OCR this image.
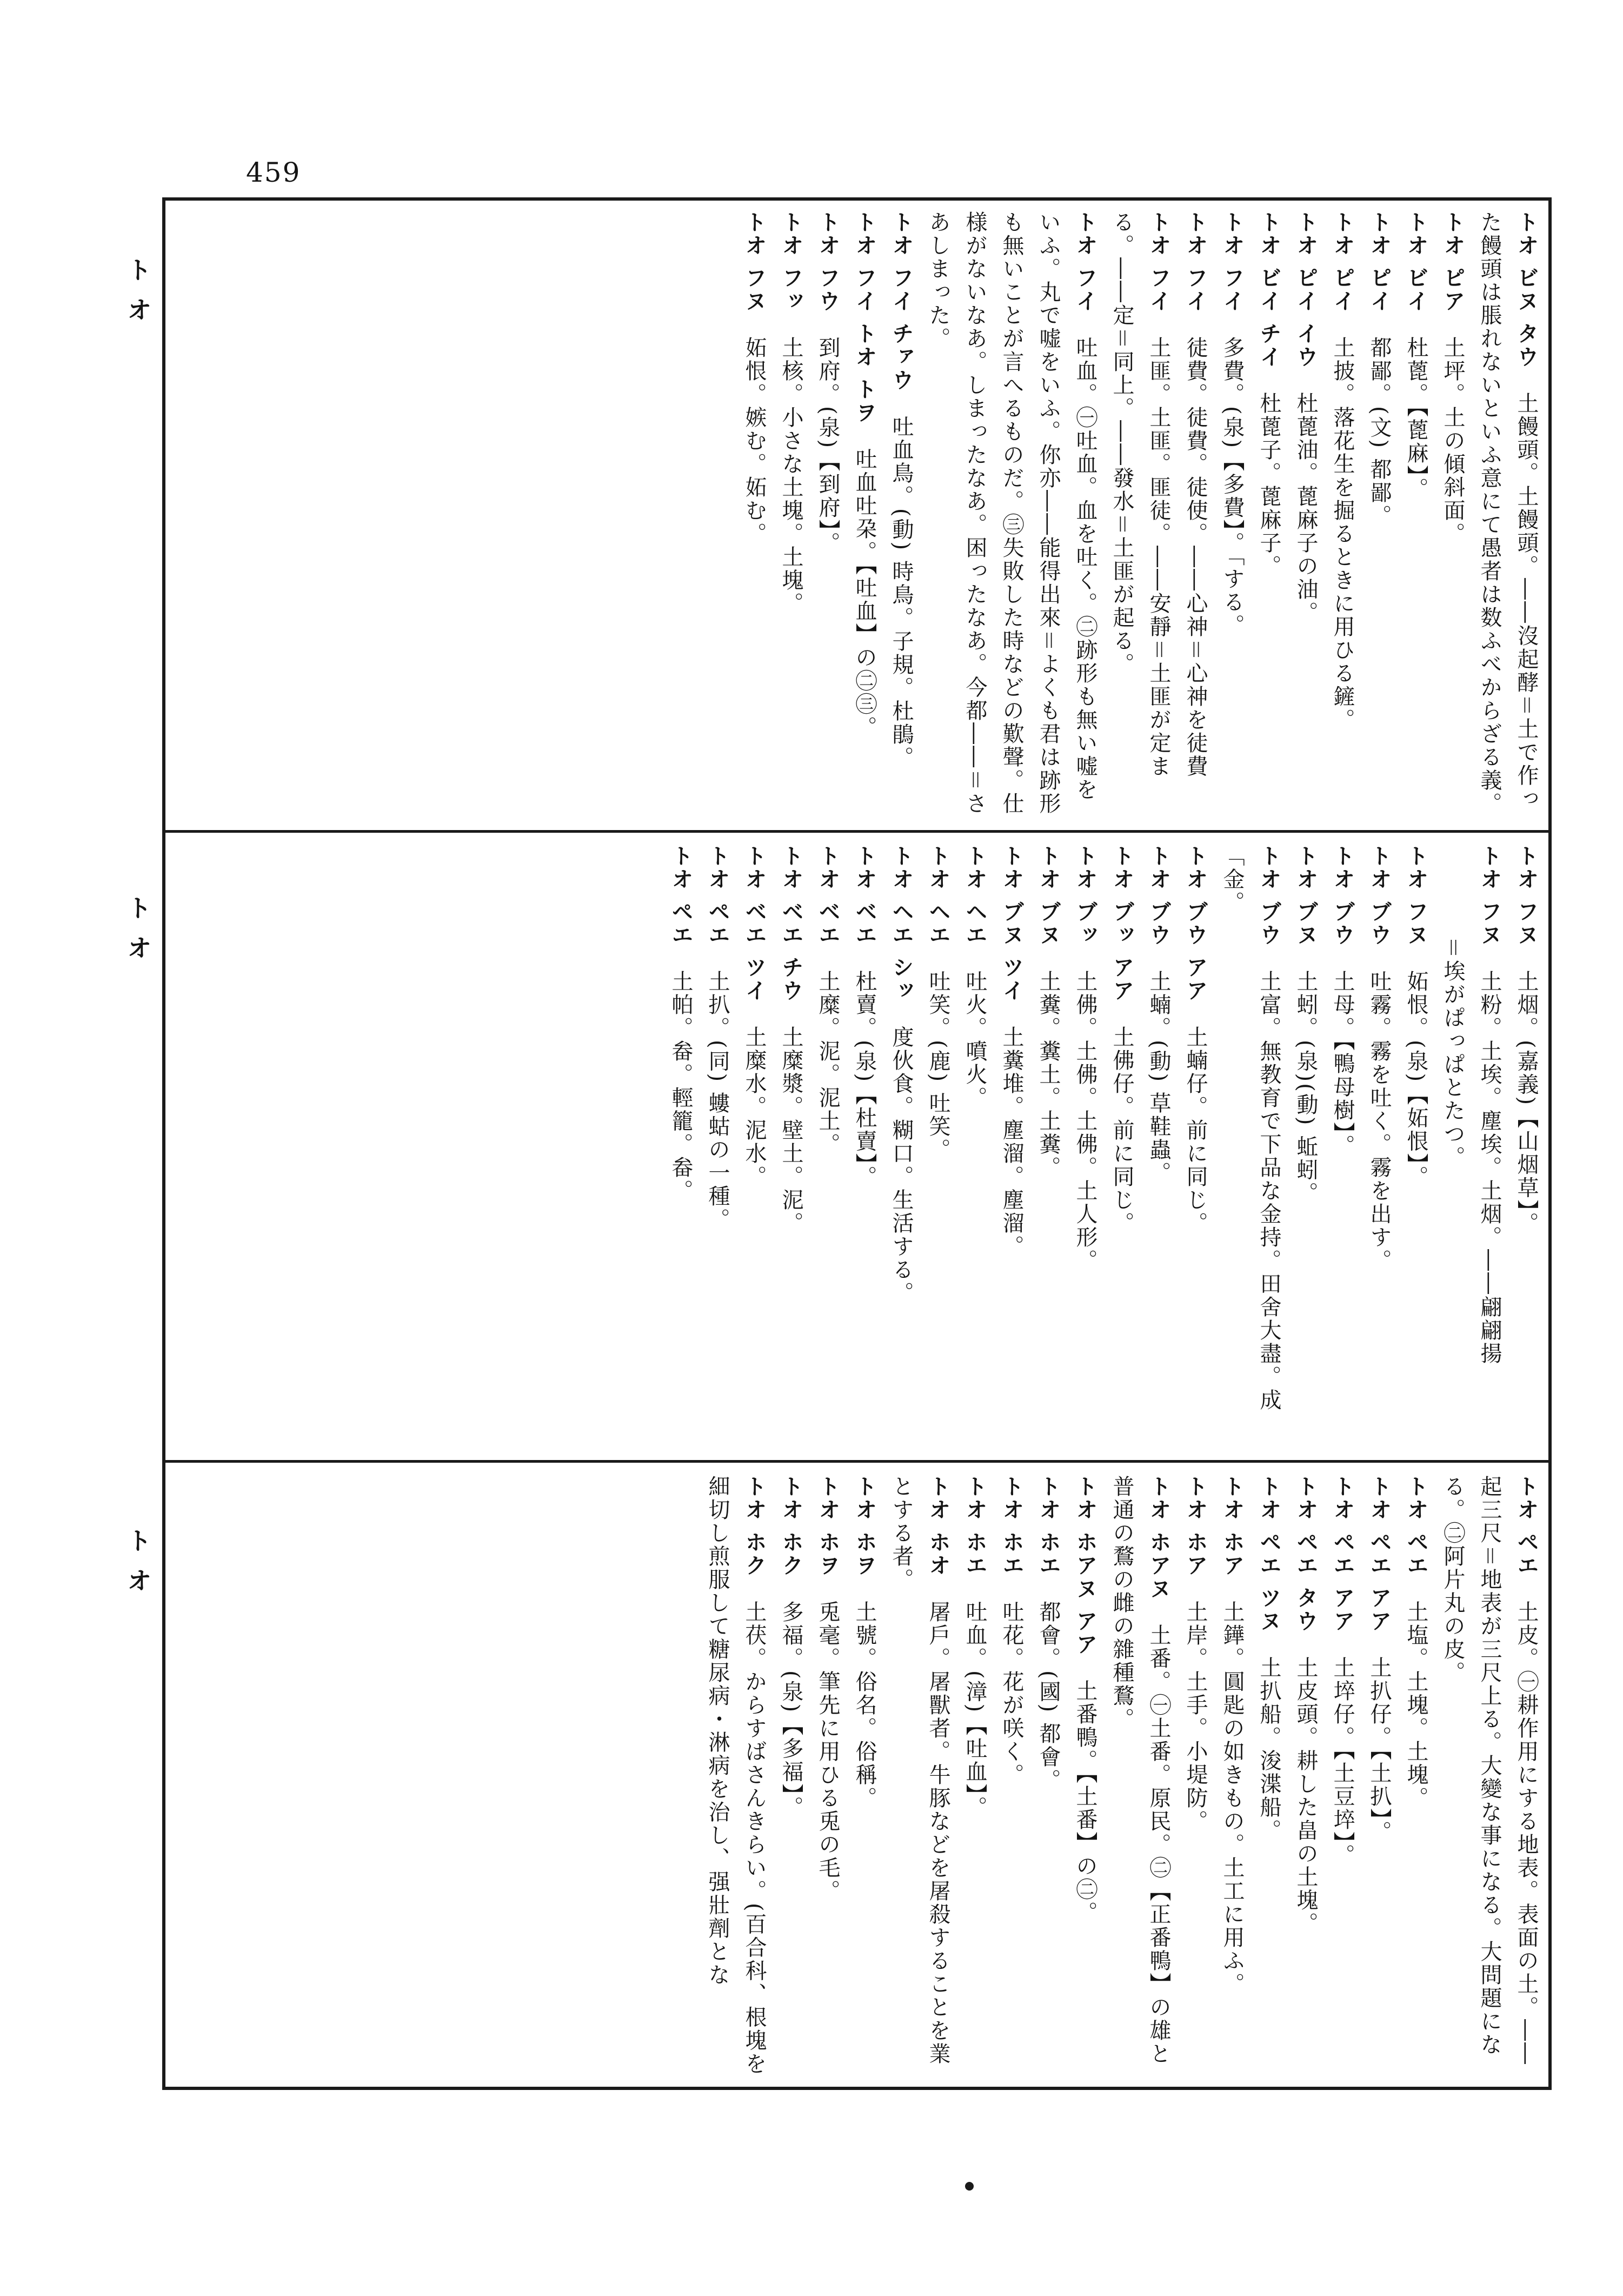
459
トオ
トオ
トオ

トオ ビヌ タウ　土饅頭。土饅頭。――沒起酵＝土で作った饅頭は脹れないといふ意にて愚者は数ふべからざる義。

トオ ピア　土坪。土の傾斜面。

トオ ビイ　杜蓖。【蓖麻】。

トオ ピイ　都鄙。(文) 都鄙。

トオ ピイ　土披。落花生を掘るときに用ひる鏟。

トオ ピイ イウ　杜蓖油。蓖麻子の油。

トオ ビイ チイ　杜蓖子。蓖麻子。

トオ フイ　多費。(泉)【多費】。「する。

トオ フイ　徒費。徒費。徒使。――心神＝心神を徒費

トオ フイ　土匪。土匪。匪徒。――安靜＝土匪が定まる。――定＝同上。――發水＝土匪が起る。

トオ フイ　吐血。㊀吐血。血を吐く。㊁跡形も無い嘘をいふ。丸で嘘をいふ。你亦――能得出來＝よくも君は跡形も無いことが言へるものだ。㊂失敗した時などの歎聲。仕様がないなあ。しまったなあ。困ったなあ。今都――＝さあしまった。

トオ フイ チァウ　吐血鳥。(動) 時鳥。子規。杜鵑。

トオ フイ トオ トヲ　吐血吐朶。【吐血】の㊁㊂。

トオ フウ　到府。(泉)【到府】。

トオ フッ　土核。小さな土塊。土塊。

トオ フヌ　妬恨。嫉む。妬む。

トオ フヌ　土烟。(嘉義)【山烟草】。

トオ フヌ　土粉。土埃。塵埃。土烟。――翩翩揚

＝埃がぱっぱとたつ。

トオ フヌ　妬恨。(泉)【妬恨】。

トオ ブウ　吐霧。霧を吐く。霧を出す。

トオ ブウ　土母。【鴨母樹】。

トオ ブヌ　土蚓。(泉)(動) 蚯蚓。

トオ ブウ　土富。無教育で下品な金持。田舍大盡。成「金。

トオ ブウ アア　土蝻仔。前に同じ。

トオ ブウ　土蝻。(動) 草鞋蟲。

トオ ブッ アア　土佛仔。前に同じ。

トオ ブッ　土佛。土佛。土佛。土人形。

トオ ブヌ　土糞。糞土。土糞。

トオ ブヌ ツイ　土糞堆。塵溜。塵溜。

トオ ヘエ　吐火。噴火。

トオ ヘエ　吐笑。(鹿) 吐笑。

トオ ヘエ シッ　度伙食。糊口。生活する。

トオ ベエ　杜賣。(泉)【杜賣】。

トオ ベエ　土糜。泥。泥土。

トオ ベエ チウ　土糜漿。壁土。泥。

トオ ベエ ツイ　土糜水。泥水。

トオ ペエ　土扒。(同) 螻蛄の一種。

トオ ペエ　土帕。畚。輕籠。畚。

トオ ペエ　土皮。㊀耕作用にする地表。表面の土。――起三尺＝地表が三尺上る。大變な事になる。大問題になる。㊁阿片丸の皮。

トオ ペエ　土塩。土塊。土塊。

トオ ペエ アア　土扒仔。【土扒】。

トオ ペエ アア　土埣仔。【土豆埣】。

トオ ペエ タウ　土皮頭。耕した畠の土塊。

トオ ペエ ツヌ　土扒船。浚渫船。

トオ ホア　土鏵。圓匙の如きもの。土工に用ふ。

トオ ホア　土岸。土手。小堤防。

トオ ホアヌ　土番。㊀土番。原民。㊁【正番鴨】の雄と普通の鶩の雌の雜種鶩。

トオ ホアヌ アア　土番鴨。【土番】の㊁。

トオ ホエ　都會。(國) 都會。

トオ ホエ　吐花。花が咲く。

トオ ホエ　吐血。(漳)【吐血】。

トオ ホオ　屠戶。屠獸者。牛豚などを屠殺することを業とする者。

トオ ホヲ　土號。俗名。俗稱。

トオ ホヲ　兎毫。筆先に用ひる兎の毛。

トオ ホク　多福。(泉)【多福】。

トオ ホク　土茯。からすばさんきらい。(百合科、根塊を細切し煎服して糖尿病・淋病を治し、强壯劑とな
